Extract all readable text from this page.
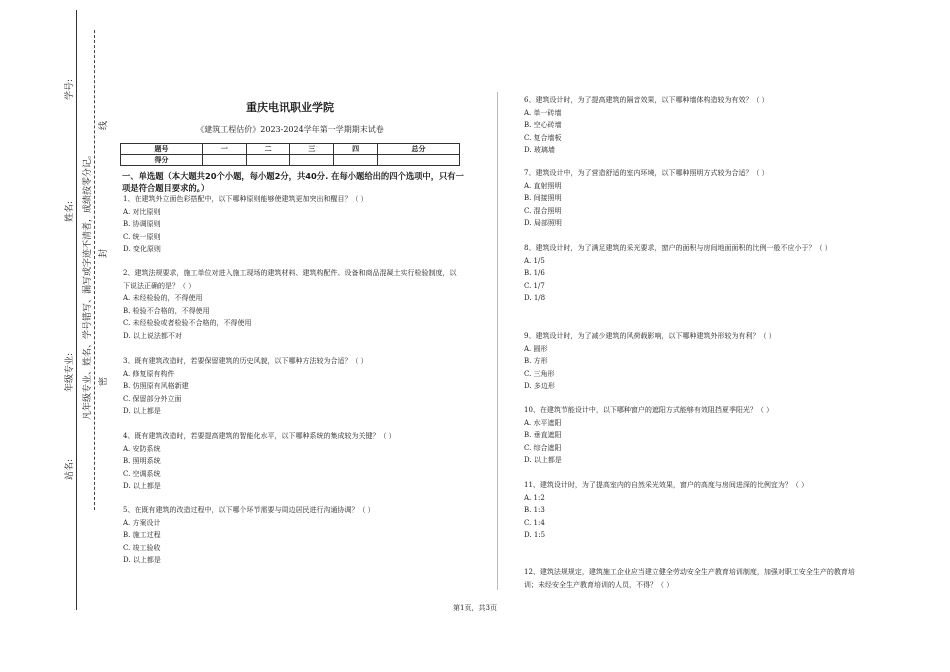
学号:
姓名:
年级专业:
站名:
凡年级专业、姓名、学号错写、漏写或字迹不清者，成绩按零分记。
线
封
密
重庆电讯职业学院
《建筑工程估价》2023-2024学年第一学期期末试卷
题号	一	二	三	四	总分
得分					
一、单选题（本大题共20个小题，每小题2分，共40分. 在每小题给出的四个选项中，只有一项是符合题目要求的。）
1、在建筑外立面色彩搭配中，以下哪种原则能够使建筑更加突出和醒目？（ ）
A. 对比原则
B. 协调原则
C. 统一原则
D. 变化原则
2、建筑法规要求，施工单位对进入施工现场的建筑材料、建筑构配件、设备和商品混凝土实行检验制度，以下说法正确的是？（ ）
A. 未经检验的，不得使用
B. 检验不合格的，不得使用
C. 未经检验或者检验不合格的，不得使用
D. 以上说法都不对
3、既有建筑改造时，若要保留建筑的历史风貌，以下哪种方法较为合适？（ ）
A. 修复原有构件
B. 仿照原有风格新建
C. 保留部分外立面
D. 以上都是
4、既有建筑改造时，若要提高建筑的智能化水平，以下哪种系统的集成较为关键？（ ）
A. 安防系统
B. 照明系统
C. 空调系统
D. 以上都是
5、在既有建筑的改造过程中，以下哪个环节需要与周边居民进行沟通协调？（ ）
A. 方案设计
B. 施工过程
C. 竣工验收
D. 以上都是
6、建筑设计时，为了提高建筑的隔音效果，以下哪种墙体构造较为有效？（ ）
A. 单一砖墙
B. 空心砖墙
C. 复合墙板
D. 玻璃墙
7、建筑设计中，为了营造舒适的室内环境，以下哪种照明方式较为合适？（ ）
A. 直射照明
B. 间接照明
C. 混合照明
D. 局部照明
8、建筑设计时，为了满足建筑的采光要求，窗户的面积与房间地面面积的比例一般不应小于？（ ）
A. 1/5
B. 1/6
C. 1/7
D. 1/8
9、建筑设计时，为了减少建筑的风荷载影响，以下哪种建筑外形较为有利？（ ）
A. 圆形
B. 方形
C. 三角形
D. 多边形
10、在建筑节能设计中，以下哪种窗户的遮阳方式能够有效阻挡夏季阳光？（ ）
A. 水平遮阳
B. 垂直遮阳
C. 综合遮阳
D. 以上都是
11、建筑设计时，为了提高室内的自然采光效果，窗户的高度与房间进深的比例宜为？（ ）
A. 1:2
B. 1:3
C. 1:4
D. 1:5
12、建筑法规规定，建筑施工企业应当建立健全劳动安全生产教育培训制度，加强对职工安全生产的教育培训；未经安全生产教育培训的人员，不得？（ ）
第1页，共3页
